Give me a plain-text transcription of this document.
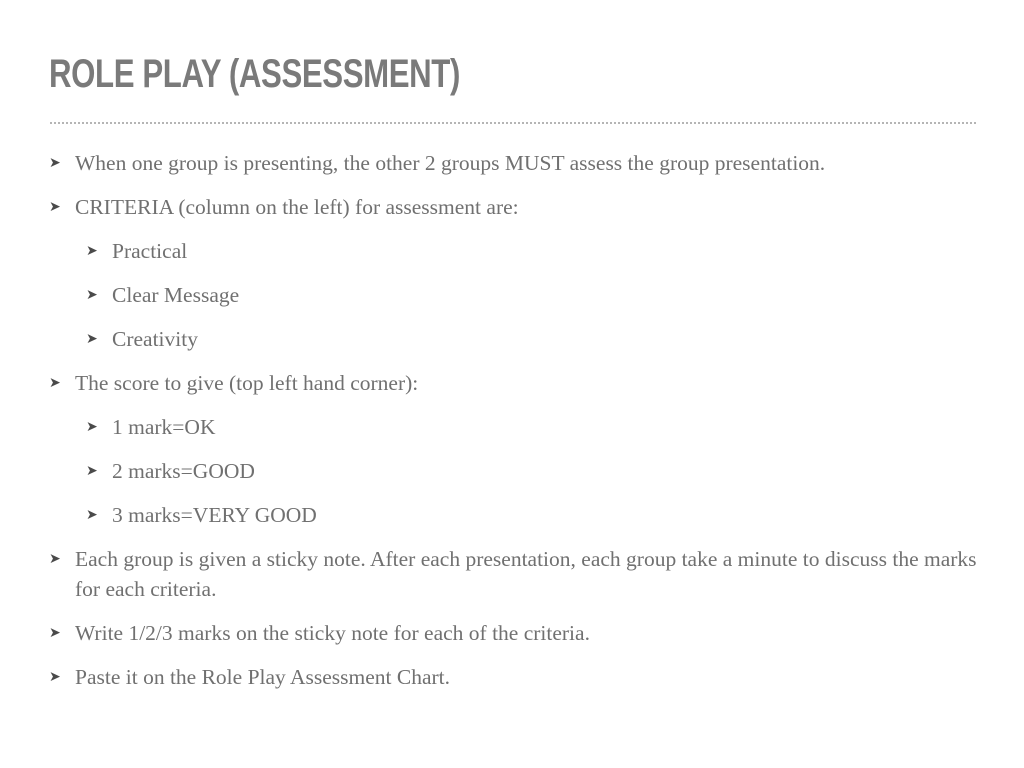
ROLE PLAY (ASSESSMENT)
➤ When one group is presenting, the other 2 groups MUST assess the group presentation.
➤ CRITERIA (column on the left) for assessment are:
➤ Practical
➤ Clear Message
➤ Creativity
➤ The score to give (top left hand corner):
➤ 1 mark=OK
➤ 2 marks=GOOD
➤ 3 marks=VERY GOOD
➤ Each group is given a sticky note. After each presentation, each group take a minute to discuss the marks for each criteria.
➤ Write 1/2/3 marks on the sticky note for each of the criteria.
➤ Paste it on the Role Play Assessment Chart.
